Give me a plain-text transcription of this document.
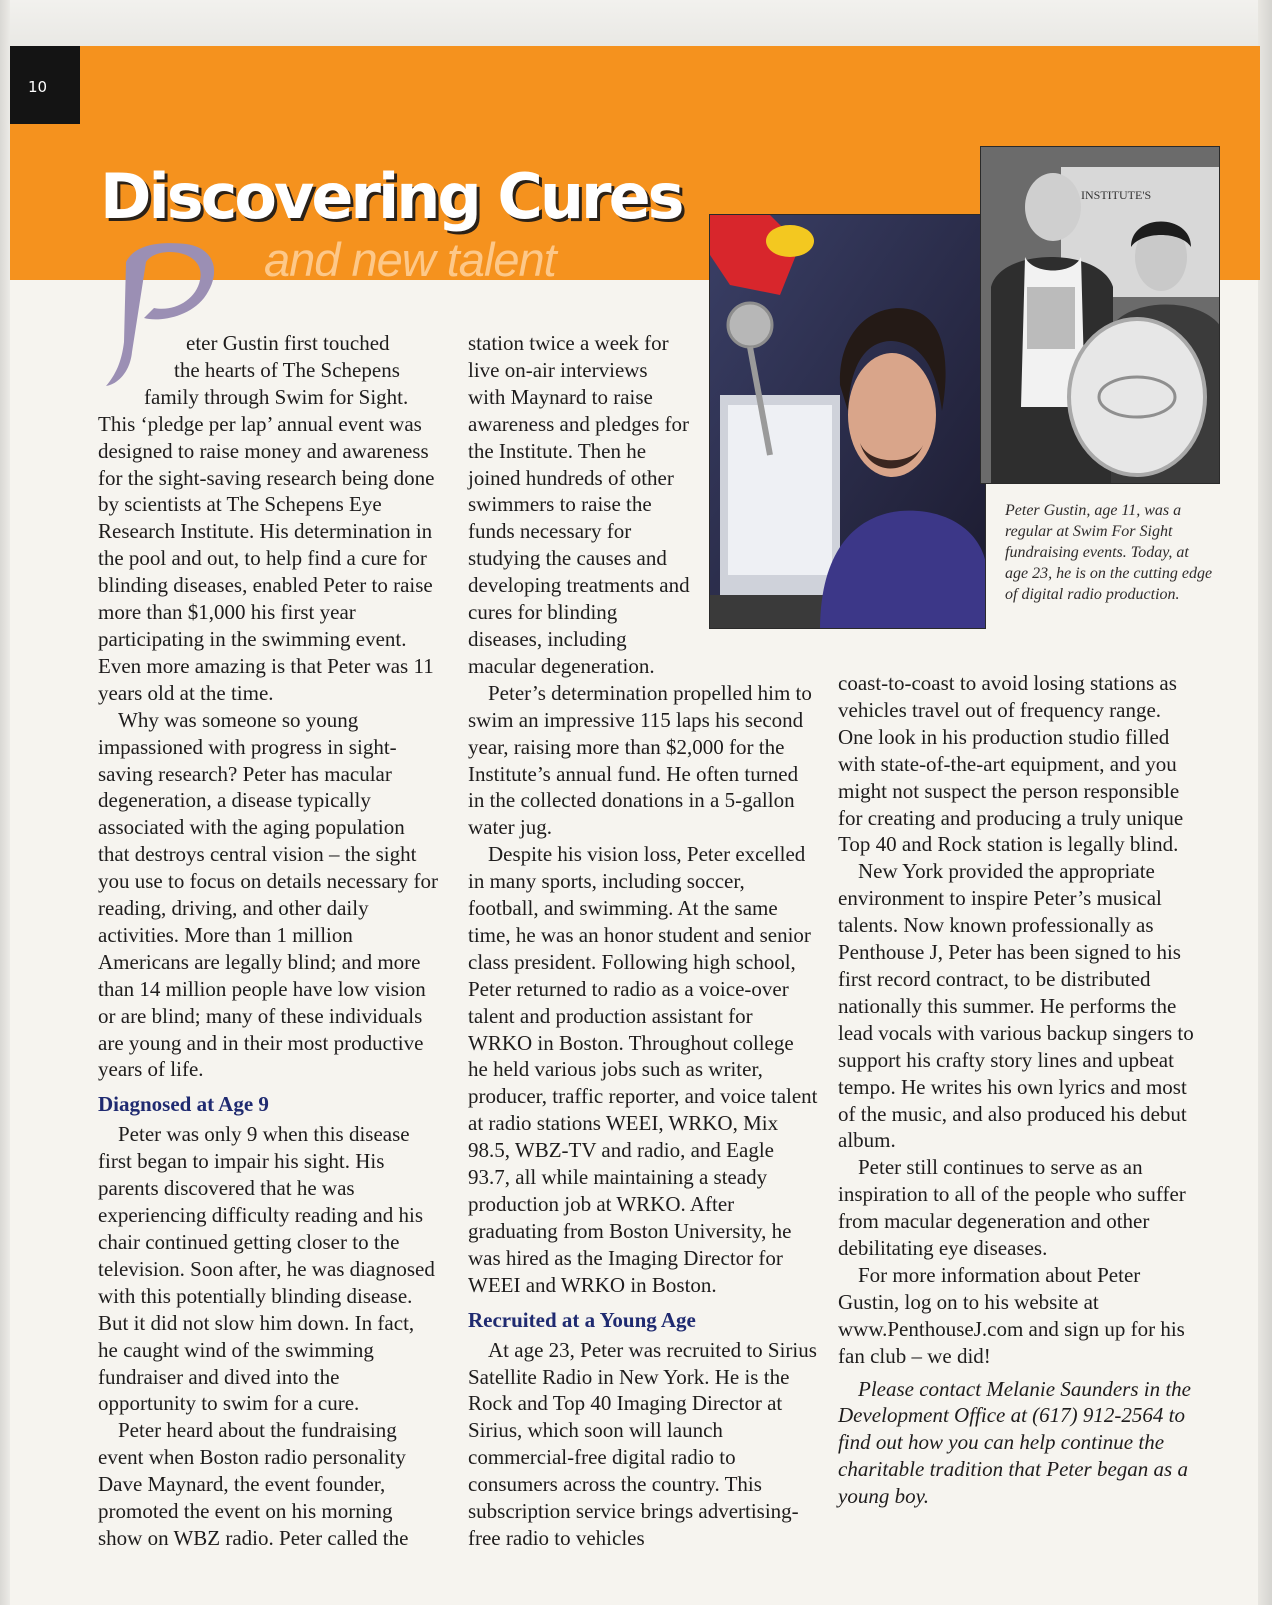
10
Discovering Cures
and new talent

eter Gustin first touched

the hearts of The Schepens

family through Swim for Sight.

This ‘pledge per lap’ annual event was designed to raise money and awareness for the sight-saving research being done by scientists at The Schepens Eye Research Institute. His determination in the pool and out, to help find a cure for blinding diseases, enabled Peter to raise more than $1,000 his first year participating in the swimming event. Even more amazing is that Peter was 11 years old at the time.

Why was someone so young impassioned with progress in sight-saving research? Peter has macular degeneration, a disease typically associated with the aging population that destroys central vision – the sight you use to focus on details necessary for reading, driving, and other daily activities. More than 1 million Americans are legally blind; and more than 14 million people have low vision or are blind; many of these individuals are young and in their most productive years of life.

Diagnosed at Age 9

Peter was only 9 when this disease first began to impair his sight. His parents discovered that he was experiencing difficulty reading and his chair continued getting closer to the television. Soon after, he was diagnosed with this potentially blinding disease. But it did not slow him down. In fact, he caught wind of the swimming fundraiser and dived into the opportunity to swim for a cure.

Peter heard about the fundraising event when Boston radio personality Dave Maynard, the event founder, promoted the event on his morning show on WBZ radio. Peter called the

station twice a week for live on-air interviews with Maynard to raise awareness and pledges for the Institute. Then he joined hundreds of other swimmers to raise the funds necessary for studying the causes and developing treatments and cures for blinding diseases, including macular degeneration.

Peter’s determination propelled him to swim an impressive 115 laps his second year, raising more than $2,000 for the Institute’s annual fund. He often turned in the collected donations in a 5-gallon water jug.

Despite his vision loss, Peter excelled in many sports, including soccer, football, and swimming. At the same time, he was an honor student and senior class president. Following high school, Peter returned to radio as a voice-over talent and production assistant for WRKO in Boston. Throughout college he held various jobs such as writer, producer, traffic reporter, and voice talent at radio stations WEEI, WRKO, Mix 98.5, WBZ-TV and radio, and Eagle 93.7, all while maintaining a steady production job at WRKO. After graduating from Boston University, he was hired as the Imaging Director for WEEI and WRKO in Boston.

Recruited at a Young Age

At age 23, Peter was recruited to Sirius Satellite Radio in New York. He is the Rock and Top 40 Imaging Director at Sirius, which soon will launch commercial-free digital radio to consumers across the country. This subscription service brings advertising-free radio to vehicles

coast-to-coast to avoid losing stations as vehicles travel out of frequency range. One look in his production studio filled with state-of-the-art equipment, and you might not suspect the person responsible for creating and producing a truly unique Top 40 and Rock station is legally blind.

New York provided the appropriate environment to inspire Peter’s musical talents. Now known professionally as Penthouse J, Peter has been signed to his first record contract, to be distributed nationally this summer. He performs the lead vocals with various backup singers to support his crafty story lines and upbeat tempo. He writes his own lyrics and most of the music, and also produced his debut album.

Peter still continues to serve as an inspiration to all of the people who suffer from macular degeneration and other debilitating eye diseases.

For more information about Peter Gustin, log on to his website at www.PenthouseJ.com and sign up for his fan club – we did!

Please contact Melanie Saunders in the Development Office at (617) 912-2564 to find out how you can help continue the charitable tradition that Peter began as a young boy.

INSTITUTE'S
Peter Gustin, age 11, was a regular at Swim For Sight fundraising events. Today, at age 23, he is on the cutting edge of digital radio production.
